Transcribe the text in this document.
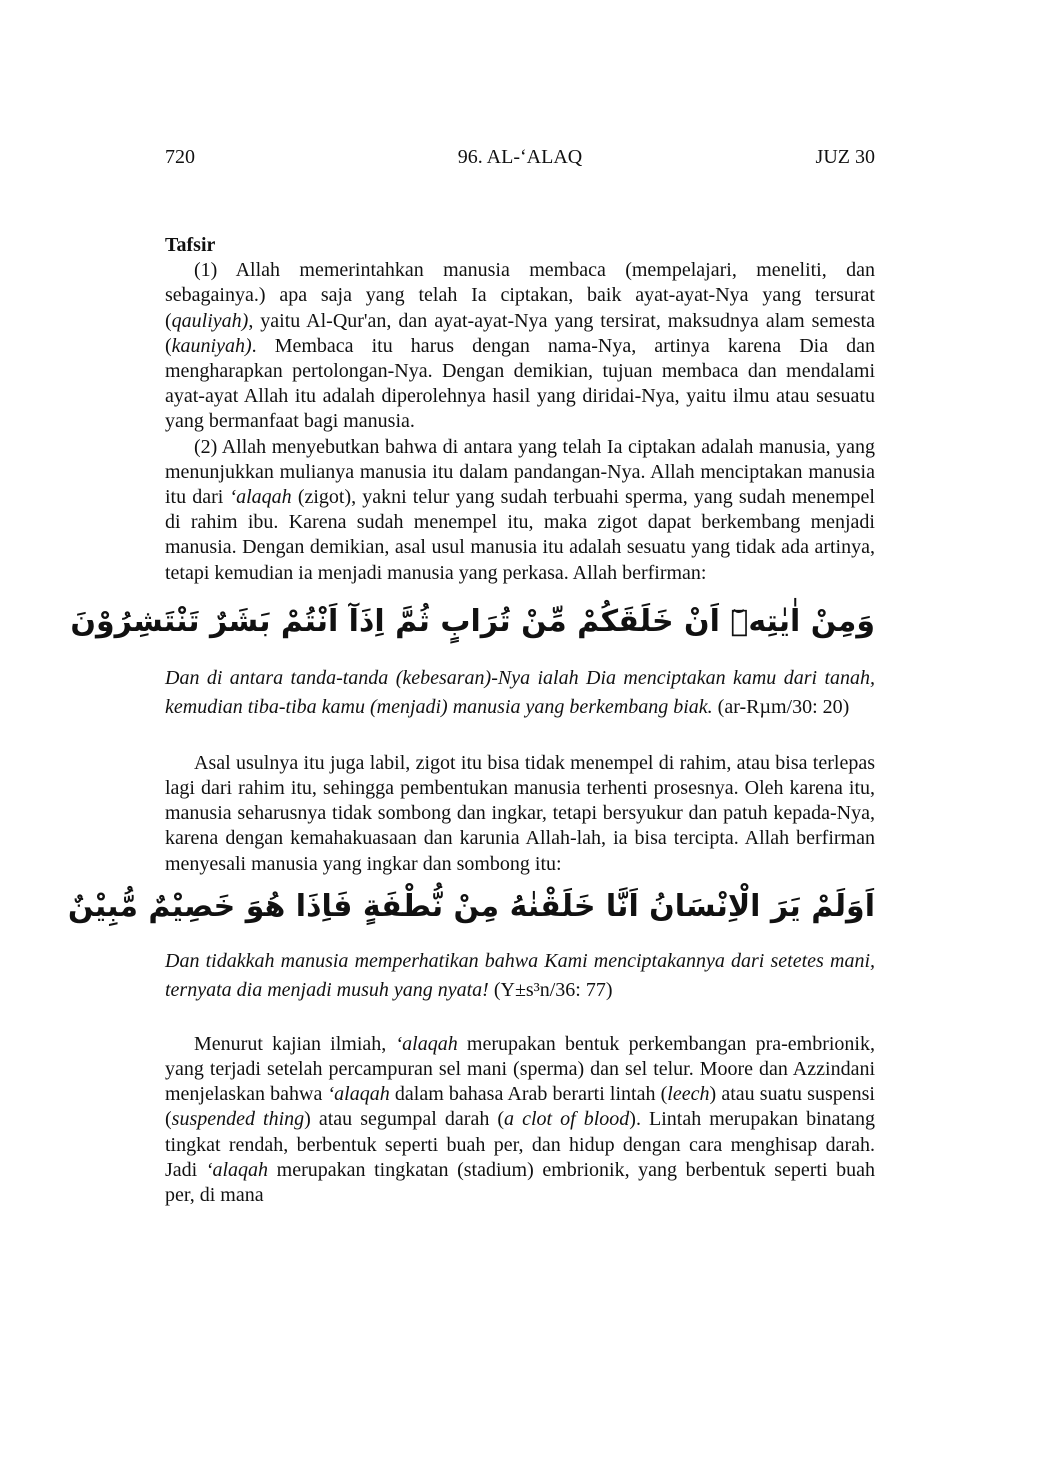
720	96. AL-‘ALAQ	JUZ 30

Tafsir

(1) Allah memerintahkan manusia membaca (mempelajari, meneliti, dan sebagainya.) apa saja yang telah Ia ciptakan, baik ayat-ayat-Nya yang tersurat (qauliyah), yaitu Al-Qur'an, dan ayat-ayat-Nya yang tersirat, maksudnya alam semesta (kauniyah). Membaca itu harus dengan nama-Nya, artinya karena Dia dan mengharapkan pertolongan-Nya. Dengan demikian, tujuan membaca dan mendalami ayat-ayat Allah itu adalah diperolehnya hasil yang diridai-Nya, yaitu ilmu atau sesuatu yang bermanfaat bagi manusia.

(2) Allah menyebutkan bahwa di antara yang telah Ia ciptakan adalah manusia, yang menunjukkan mulianya manusia itu dalam pandangan-Nya. Allah menciptakan manusia itu dari ‘alaqah (zigot), yakni telur yang sudah terbuahi sperma, yang sudah menempel di rahim ibu. Karena sudah menempel itu, maka zigot dapat berkembang menjadi manusia. Dengan demikian, asal usul manusia itu adalah sesuatu yang tidak ada artinya, tetapi kemudian ia menjadi manusia yang perkasa. Allah berfirman:

وَمِنْ اٰيٰتِهٖٓ اَنْ خَلَقَكُمْ مِّنْ تُرَابٍ ثُمَّ اِذَآ اَنْتُمْ بَشَرٌ تَنْتَشِرُوْنَ

Dan di antara tanda-tanda (kebesaran)-Nya ialah Dia menciptakan kamu dari tanah, kemudian tiba-tiba kamu (menjadi) manusia yang berkembang biak. (ar-Rµm/30: 20)

Asal usulnya itu juga labil, zigot itu bisa tidak menempel di rahim, atau bisa terlepas lagi dari rahim itu, sehingga pembentukan manusia terhenti prosesnya. Oleh karena itu, manusia seharusnya tidak sombong dan ingkar, tetapi bersyukur dan patuh kepada-Nya, karena dengan kemahakuasaan dan karunia Allah-lah, ia bisa tercipta. Allah berfirman menyesali manusia yang ingkar dan sombong itu:

اَوَلَمْ يَرَ الْاِنْسَانُ اَنَّا خَلَقْنٰهُ مِنْ نُّطْفَةٍ فَاِذَا هُوَ خَصِيْمٌ مُّبِيْنٌ

Dan tidakkah manusia memperhatikan bahwa Kami menciptakannya dari setetes mani, ternyata dia menjadi musuh yang nyata! (Y±s³n/36: 77)

Menurut kajian ilmiah, ‘alaqah merupakan bentuk perkembangan pra-embrionik, yang terjadi setelah percampuran sel mani (sperma) dan sel telur. Moore dan Azzindani menjelaskan bahwa ‘alaqah dalam bahasa Arab berarti lintah (leech) atau suatu suspensi (suspended thing) atau segumpal darah (a clot of blood). Lintah merupakan binatang tingkat rendah, berbentuk seperti buah per, dan hidup dengan cara menghisap darah. Jadi ‘alaqah merupakan tingkatan (stadium) embrionik, yang berbentuk seperti buah per, di mana
